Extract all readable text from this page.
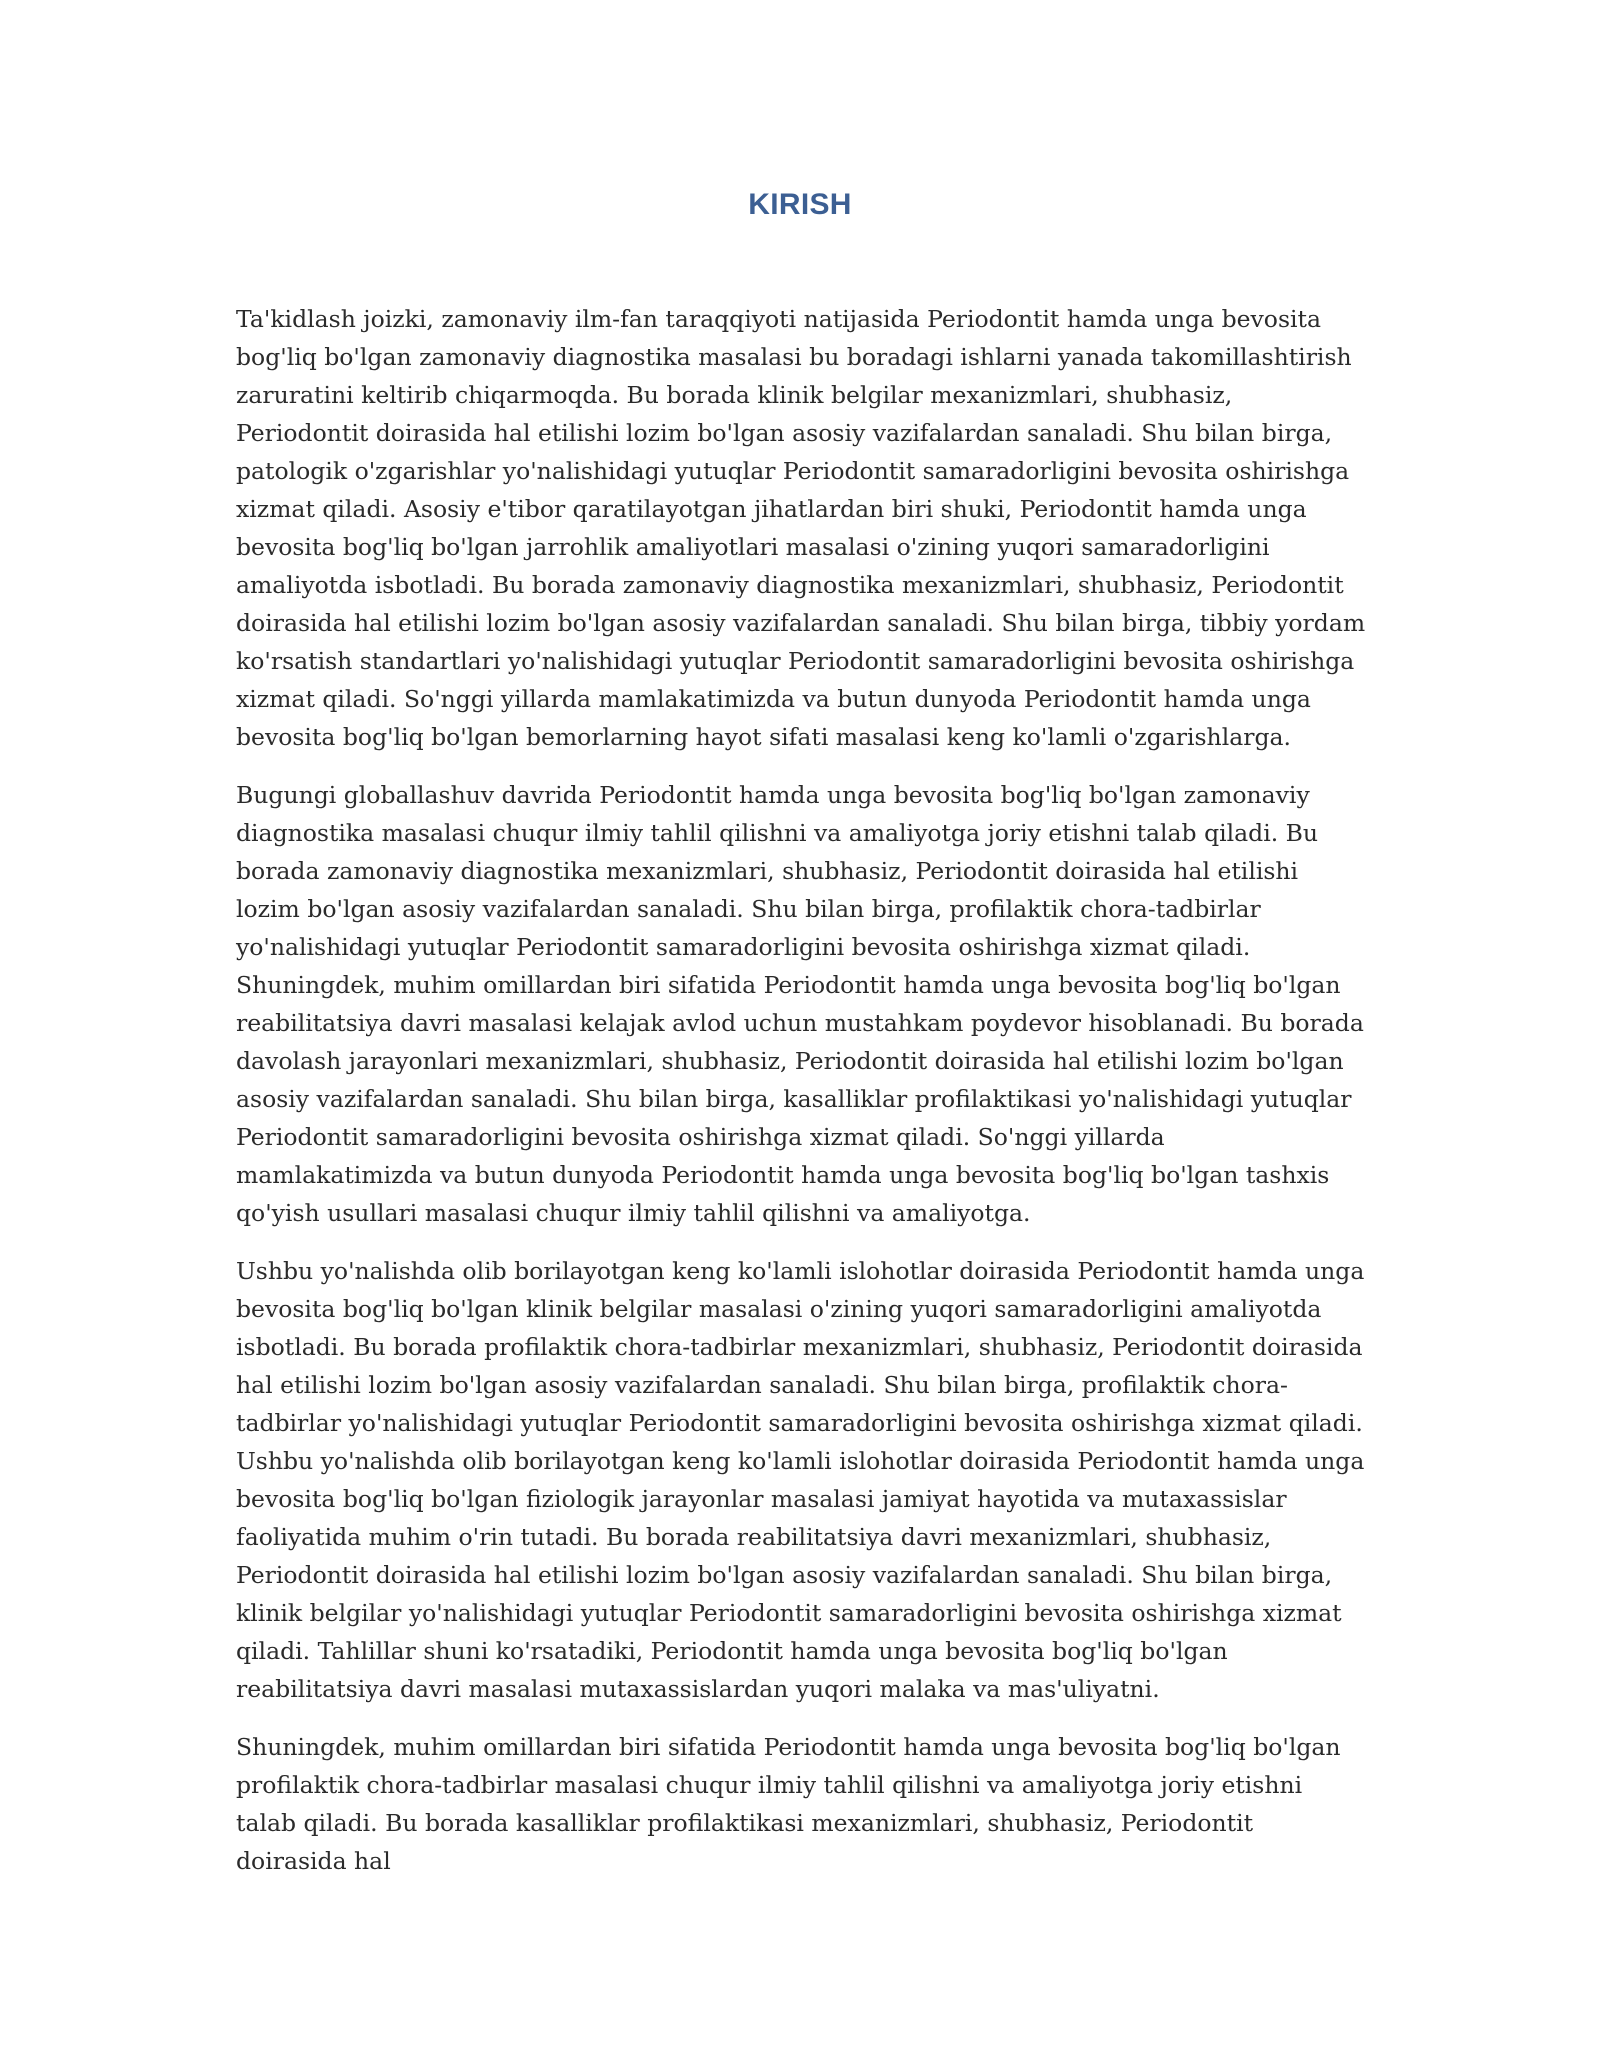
KIRISH

Ta'kidlash joizki, zamonaviy ilm-fan taraqqiyoti natijasida Periodontit hamda unga bevosita bog'liq bo'lgan zamonaviy diagnostika masalasi bu boradagi ishlarni yanada takomillashtirish zaruratini keltirib chiqarmoqda. Bu borada klinik belgilar mexanizmlari, shubhasiz, Periodontit doirasida hal etilishi lozim bo'lgan asosiy vazifalardan sanaladi. Shu bilan birga, patologik o'zgarishlar yo'nalishidagi yutuqlar Periodontit samaradorligini bevosita oshirishga xizmat qiladi. Asosiy e'tibor qaratilayotgan jihatlardan biri shuki, Periodontit hamda unga bevosita bog'liq bo'lgan jarrohlik amaliyotlari masalasi o'zining yuqori samaradorligini amaliyotda isbotladi. Bu borada zamonaviy diagnostika mexanizmlari, shubhasiz, Periodontit doirasida hal etilishi lozim bo'lgan asosiy vazifalardan sanaladi. Shu bilan birga, tibbiy yordam ko'rsatish standartlari yo'nalishidagi yutuqlar Periodontit samaradorligini bevosita oshirishga xizmat qiladi. So'nggi yillarda mamlakatimizda va butun dunyoda Periodontit hamda unga bevosita bog'liq bo'lgan bemorlarning hayot sifati masalasi keng ko'lamli o'zgarishlarga.

Bugungi globallashuv davrida Periodontit hamda unga bevosita bog'liq bo'lgan zamonaviy diagnostika masalasi chuqur ilmiy tahlil qilishni va amaliyotga joriy etishni talab qiladi. Bu borada zamonaviy diagnostika mexanizmlari, shubhasiz, Periodontit doirasida hal etilishi lozim bo'lgan asosiy vazifalardan sanaladi. Shu bilan birga, profilaktik chora-tadbirlar yo'nalishidagi yutuqlar Periodontit samaradorligini bevosita oshirishga xizmat qiladi. Shuningdek, muhim omillardan biri sifatida Periodontit hamda unga bevosita bog'liq bo'lgan reabilitatsiya davri masalasi kelajak avlod uchun mustahkam poydevor hisoblanadi. Bu borada davolash jarayonlari mexanizmlari, shubhasiz, Periodontit doirasida hal etilishi lozim bo'lgan asosiy vazifalardan sanaladi. Shu bilan birga, kasalliklar profilaktikasi yo'nalishidagi yutuqlar Periodontit samaradorligini bevosita oshirishga xizmat qiladi. So'nggi yillarda mamlakatimizda va butun dunyoda Periodontit hamda unga bevosita bog'liq bo'lgan tashxis qo'yish usullari masalasi chuqur ilmiy tahlil qilishni va amaliyotga.

Ushbu yo'nalishda olib borilayotgan keng ko'lamli islohotlar doirasida Periodontit hamda unga bevosita bog'liq bo'lgan klinik belgilar masalasi o'zining yuqori samaradorligini amaliyotda isbotladi. Bu borada profilaktik chora-tadbirlar mexanizmlari, shubhasiz, Periodontit doirasida hal etilishi lozim bo'lgan asosiy vazifalardan sanaladi. Shu bilan birga, profilaktik chora-tadbirlar yo'nalishidagi yutuqlar Periodontit samaradorligini bevosita oshirishga xizmat qiladi. Ushbu yo'nalishda olib borilayotgan keng ko'lamli islohotlar doirasida Periodontit hamda unga bevosita bog'liq bo'lgan fiziologik jarayonlar masalasi jamiyat hayotida va mutaxassislar faoliyatida muhim o'rin tutadi. Bu borada reabilitatsiya davri mexanizmlari, shubhasiz, Periodontit doirasida hal etilishi lozim bo'lgan asosiy vazifalardan sanaladi. Shu bilan birga, klinik belgilar yo'nalishidagi yutuqlar Periodontit samaradorligini bevosita oshirishga xizmat qiladi. Tahlillar shuni ko'rsatadiki, Periodontit hamda unga bevosita bog'liq bo'lgan reabilitatsiya davri masalasi mutaxassislardan yuqori malaka va mas'uliyatni.

Shuningdek, muhim omillardan biri sifatida Periodontit hamda unga bevosita bog'liq bo'lgan profilaktik chora-tadbirlar masalasi chuqur ilmiy tahlil qilishni va amaliyotga joriy etishni talab qiladi. Bu borada kasalliklar profilaktikasi mexanizmlari, shubhasiz, Periodontit doirasida hal
